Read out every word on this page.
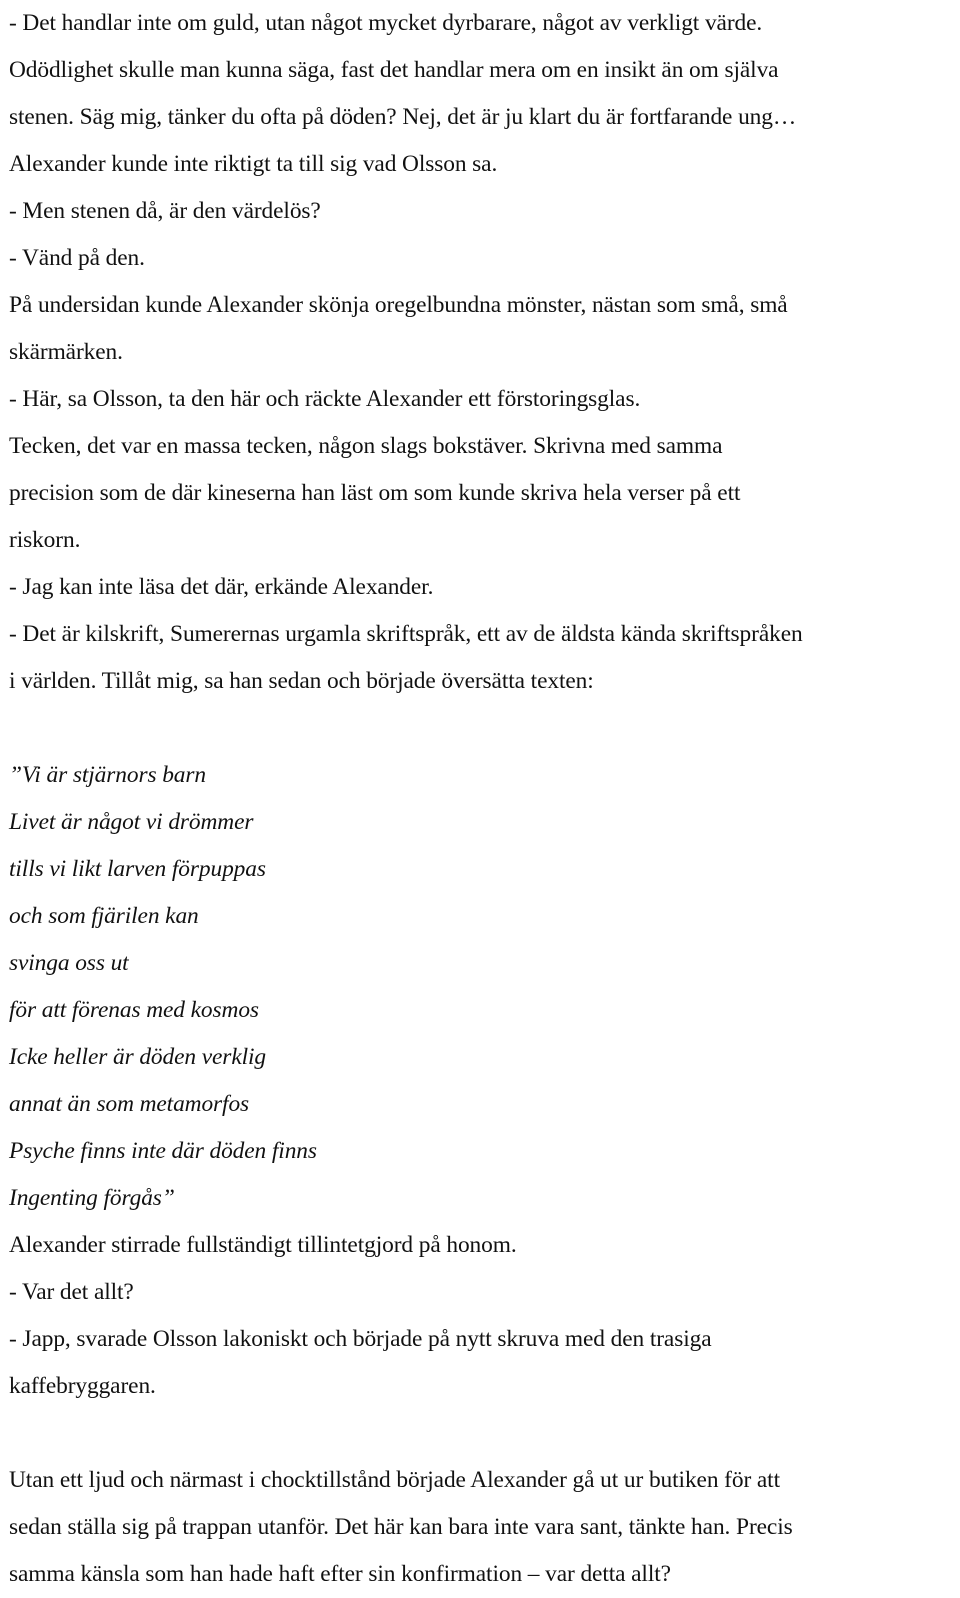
- Det handlar inte om guld, utan något mycket dyrbarare, något av verkligt värde.
Odödlighet skulle man kunna säga, fast det handlar mera om en insikt än om själva
stenen. Säg mig, tänker du ofta på döden? Nej, det är ju klart du är fortfarande ung…
Alexander kunde inte riktigt ta till sig vad Olsson sa.
- Men stenen då, är den värdelös?
- Vänd på den.
På undersidan kunde Alexander skönja oregelbundna mönster, nästan som små, små
skärmärken.
- Här, sa Olsson, ta den här och räckte Alexander ett förstoringsglas.
Tecken, det var en massa tecken, någon slags bokstäver. Skrivna med samma
precision som de där kineserna han läst om som kunde skriva hela verser på ett
riskorn.
- Jag kan inte läsa det där, erkände Alexander.
- Det är kilskrift, Sumerernas urgamla skriftspråk, ett av de äldsta kända skriftspråken
i världen. Tillåt mig, sa han sedan och började översätta texten:
”Vi är stjärnors barn
Livet är något vi drömmer
tills vi likt larven förpuppas
och som fjärilen kan
svinga oss ut
för att förenas med kosmos
Icke heller är döden verklig
annat än som metamorfos
Psyche finns inte där döden finns
Ingenting förgås”
Alexander stirrade fullständigt tillintetgjord på honom.
- Var det allt?
- Japp, svarade Olsson lakoniskt och började på nytt skruva med den trasiga
kaffebryggaren.
Utan ett ljud och närmast i chocktillstånd började Alexander gå ut ur butiken för att
sedan ställa sig på trappan utanför. Det här kan bara inte vara sant, tänkte han. Precis
samma känsla som han hade haft efter sin konfirmation – var detta allt?
